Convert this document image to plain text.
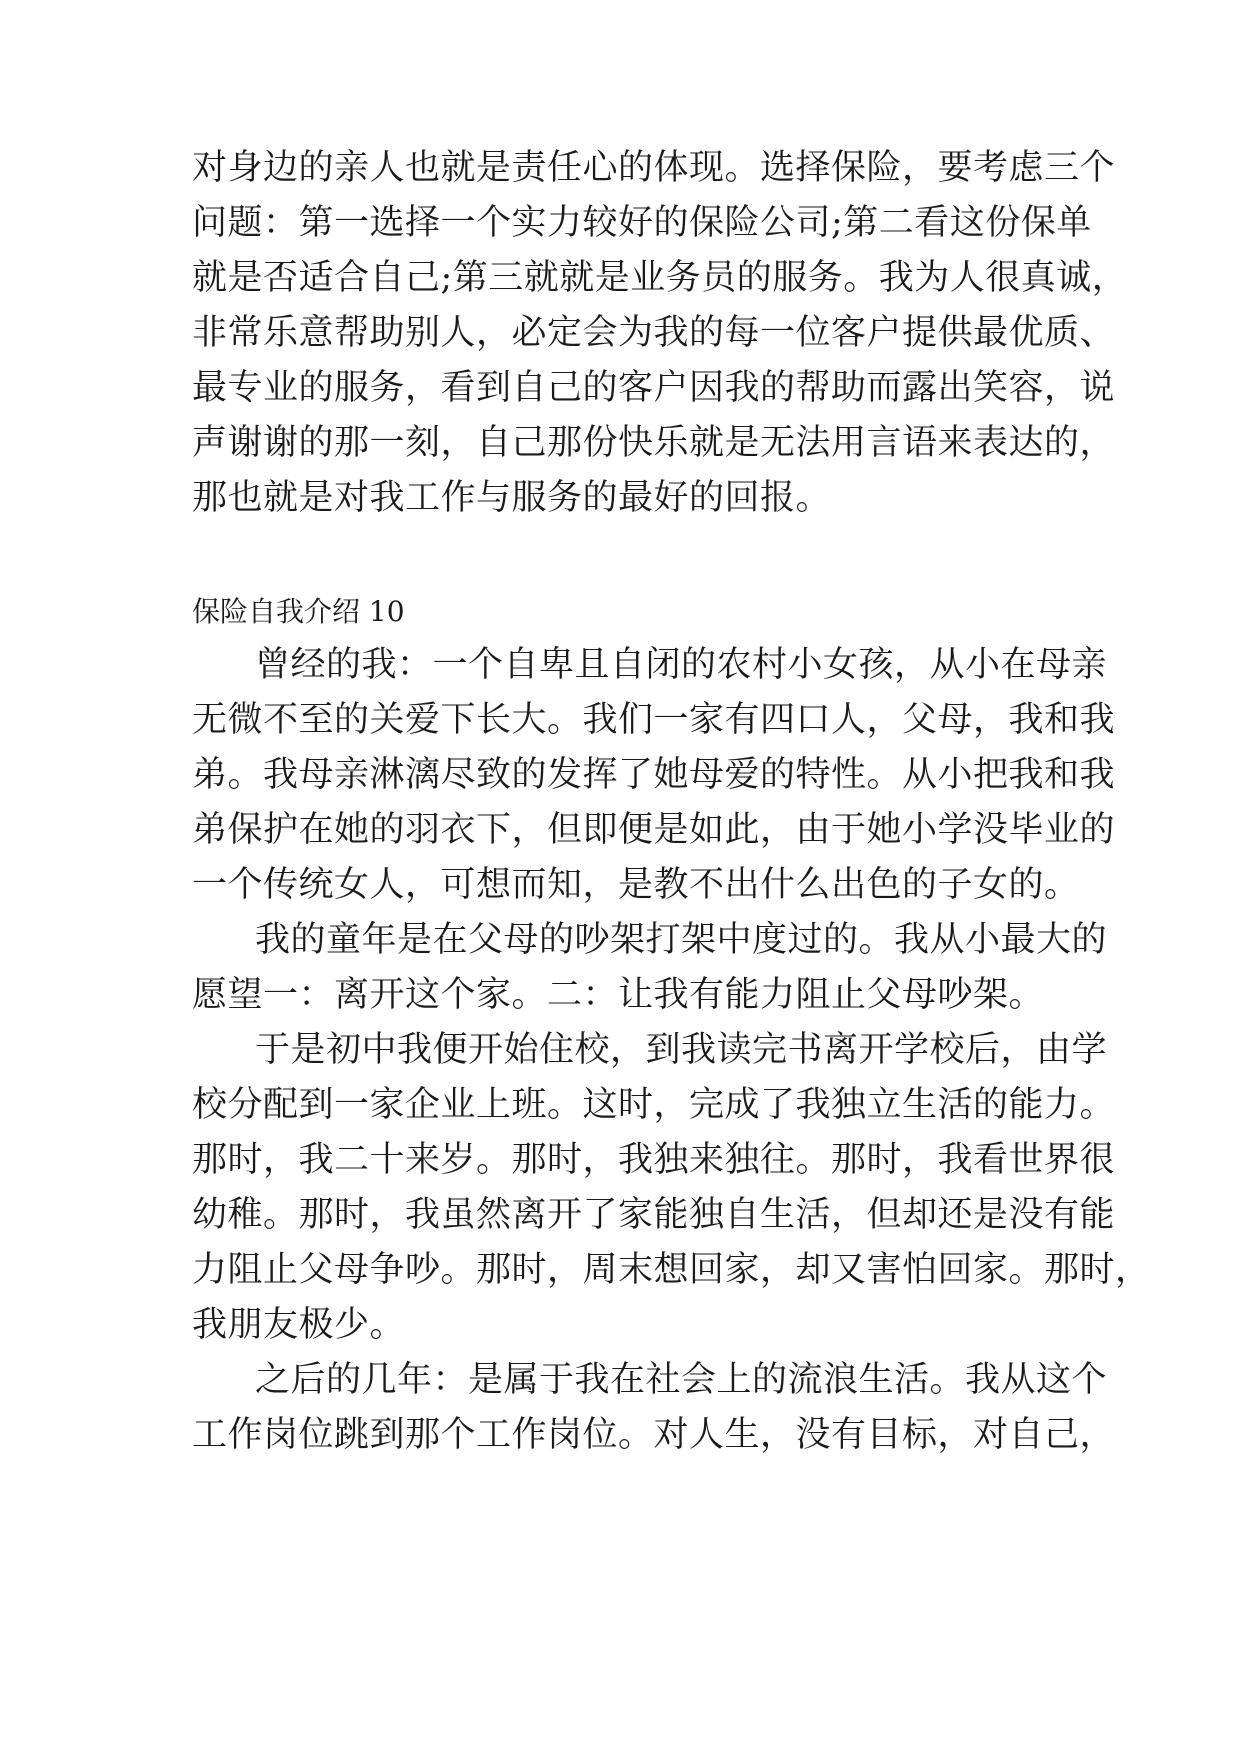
对身边的亲人也就是责任心的体现。选择保险，要考虑三个
问题：第一选择一个实力较好的保险公司;第二看这份保单
就是否适合自己;第三就就是业务员的服务。我为人很真诚，
非常乐意帮助别人，必定会为我的每一位客户提供最优质、
最专业的服务，看到自己的客户因我的帮助而露出笑容，说
声谢谢的那一刻，自己那份快乐就是无法用言语来表达的，
那也就是对我工作与服务的最好的回报。
保险自我介绍 10
曾经的我：一个自卑且自闭的农村小女孩，从小在母亲
无微不至的关爱下长大。我们一家有四口人，父母，我和我
弟。我母亲淋漓尽致的发挥了她母爱的特性。从小把我和我
弟保护在她的羽衣下，但即便是如此，由于她小学没毕业的
一个传统女人，可想而知，是教不出什么出色的子女的。
我的童年是在父母的吵架打架中度过的。我从小最大的
愿望一：离开这个家。二：让我有能力阻止父母吵架。
于是初中我便开始住校，到我读完书离开学校后，由学
校分配到一家企业上班。这时，完成了我独立生活的能力。
那时，我二十来岁。那时，我独来独往。那时，我看世界很
幼稚。那时，我虽然离开了家能独自生活，但却还是没有能
力阻止父母争吵。那时，周末想回家，却又害怕回家。那时，
我朋友极少。
之后的几年：是属于我在社会上的流浪生活。我从这个
工作岗位跳到那个工作岗位。对人生，没有目标，对自己，
